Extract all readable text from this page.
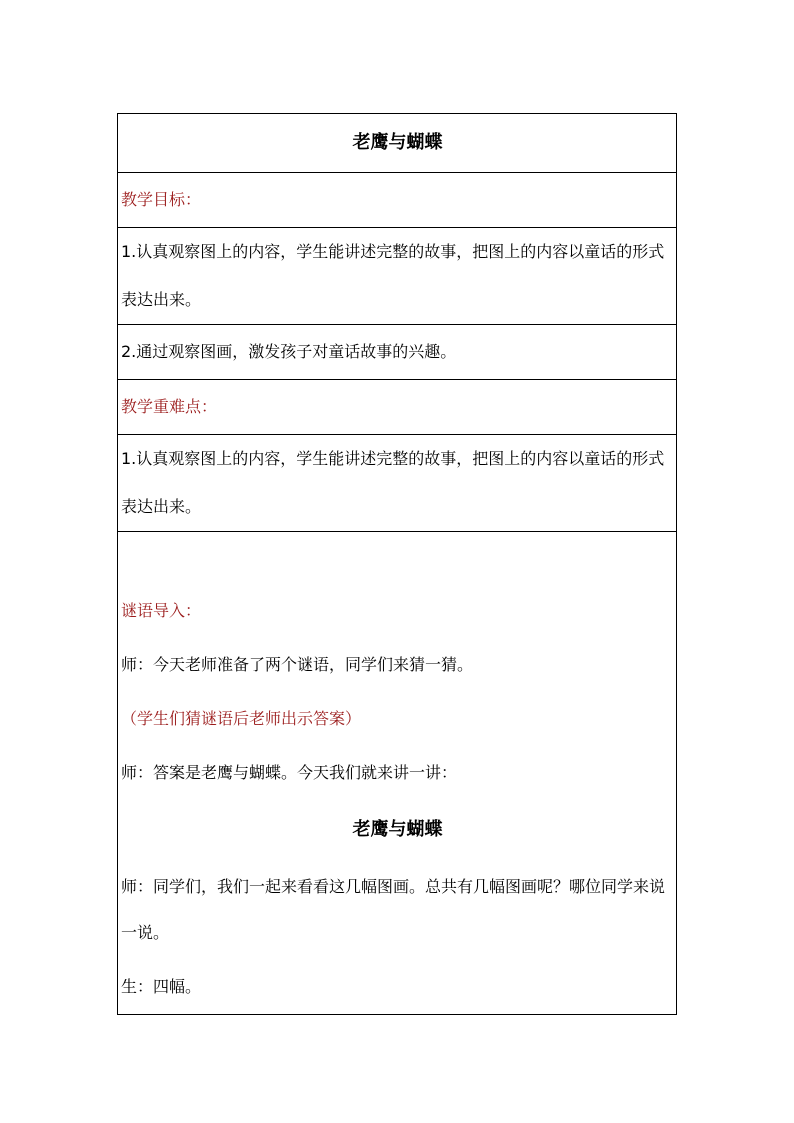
老鹰与蝴蝶
教学目标：
1.认真观察图上的内容，学生能讲述完整的故事，把图上的内容以童话的形式表达出来。
2.通过观察图画，激发孩子对童话故事的兴趣。
教学重难点：
1.认真观察图上的内容，学生能讲述完整的故事，把图上的内容以童话的形式表达出来。

谜语导入：

师：今天老师准备了两个谜语，同学们来猜一猜。

（学生们猜谜语后老师出示答案）

师：答案是老鹰与蝴蝶。今天我们就来讲一讲：

老鹰与蝴蝶

师：同学们，我们一起来看看这几幅图画。总共有几幅图画呢？哪位同学来说一说。

生：四幅。
